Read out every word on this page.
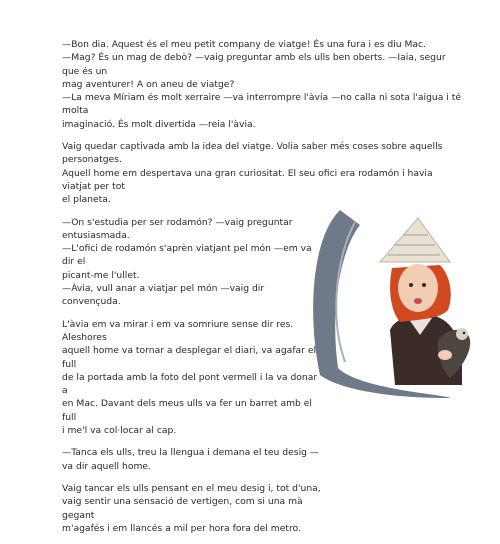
—Bon dia. Aquest és el meu petit company de viatge! És una fura i es diu Mac.
—Mag? És un mag de debò? —vaig preguntar amb els ulls ben oberts. —Iaia, segur que és un
mag aventurer! A on aneu de viatge?
—La meva Míriam és molt xerraire —va interrompre l'àvia —no calla ni sota l'aigua i té molta
imaginació. És molt divertida —reia l'àvia.
Vaig quedar captivada amb la idea del viatge. Volia saber més coses sobre aquells personatges.
Aquell home em despertava una gran curiositat. El seu ofici era rodamón i havia viatjat per tot
el planeta.
—On s'estudia per ser rodamón? —vaig preguntar entusiasmada.
—L'ofici de rodamón s'aprèn viatjant pel món —em va dir el
picant-me l'ullet.
—Àvia, vull anar a viatjar pel món —vaig dir convençuda.
L'àvia em va mirar i em va somriure sense dir res. Aleshores
aquell home va tornar a desplegar el diari, va agafar el full
de la portada amb la foto del pont vermell i la va donar a
en Mac. Davant dels meus ulls va fer un barret amb el full
i me'l va col·locar al cap.
—Tanca els ulls, treu la llengua i demana el teu desig —
va dir aquell home.
Vaig tancar els ulls pensant en el meu desig i, tot d'una,
vaig sentir una sensació de vertigen, com si una mà gegant
m'agafés i em llancés a mil per hora fora del metro.
